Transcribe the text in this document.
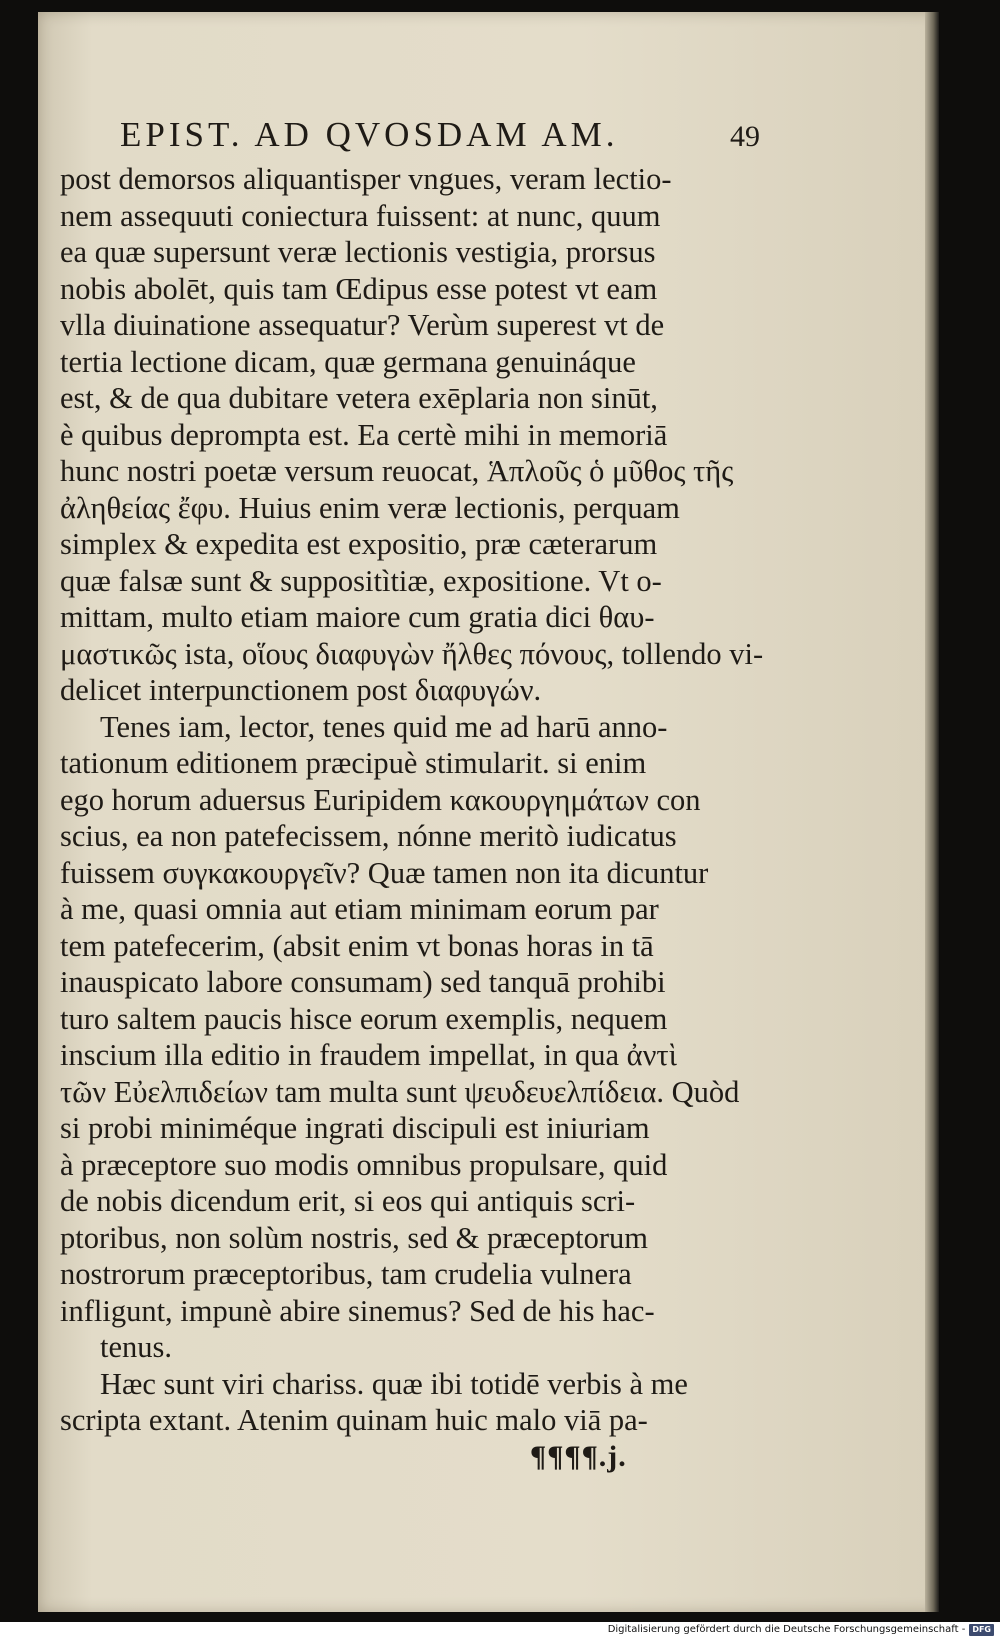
EPIST. AD QVOSDAM AM.	49
post demorsos aliquantisper vngues, veram lectio-
nem assequuti coniectura fuissent: at nunc, quum
ea quæ supersunt veræ lectionis vestigia, prorsus
nobis abolēt, quis tam Œdipus esse potest vt eam
vlla diuinatione assequatur? Verùm superest vt de
tertia lectione dicam, quæ germana genuináque
est, & de qua dubitare vetera exēplaria non sinūt,
è quibus deprompta est. Ea certè mihi in memoriā
hunc nostri poetæ versum reuocat, Ἁπλοῦς ὁ μῦθος τῆς
ἀληθείας ἔφυ. Huius enim veræ lectionis, perquam
simplex & expedita est expositio, præ cæterarum
quæ falsæ sunt & suppositìtiæ, expositione. Vt o-
mittam, multo etiam maiore cum gratia dici θαυ-
μαστικῶς ista, οἵους διαφυγὼν ἤλθες πόνους, tollendo vi-
delicet interpunctionem post διαφυγών.
Tenes iam, lector, tenes quid me ad harū anno-
tationum editionem præcipuè stimularit. si enim
ego horum aduersus Euripidem κακουργημάτων con
scius, ea non patefecissem, nónne meritò iudicatus
fuissem συγκακουργεῖν? Quæ tamen non ita dicuntur
à me, quasi omnia aut etiam minimam eorum par
tem patefecerim, (absit enim vt bonas horas in tā
inauspicato labore consumam) sed tanquā prohibi
turo saltem paucis hisce eorum exemplis, nequem
inscium illa editio in fraudem impellat, in qua ἀντὶ
τῶν Εὐελπιδείων tam multa sunt ψευδευελπίδεια. Quòd
si probi miniméque ingrati discipuli est iniuriam
à præceptore suo modis omnibus propulsare, quid
de nobis dicendum erit, si eos qui antiquis scri-
ptoribus, non solùm nostris, sed & præceptorum
nostrorum præceptoribus, tam crudelia vulnera
infligunt, impunè abire sinemus? Sed de his hac-
tenus.
Hæc sunt viri chariss. quæ ibi totidē verbis à me
scripta extant. Atenim quinam huic malo viā pa-
¶¶¶¶.j.
Digitalisierung gefördert durch die Deutsche Forschungsgemeinschaft - DFG
